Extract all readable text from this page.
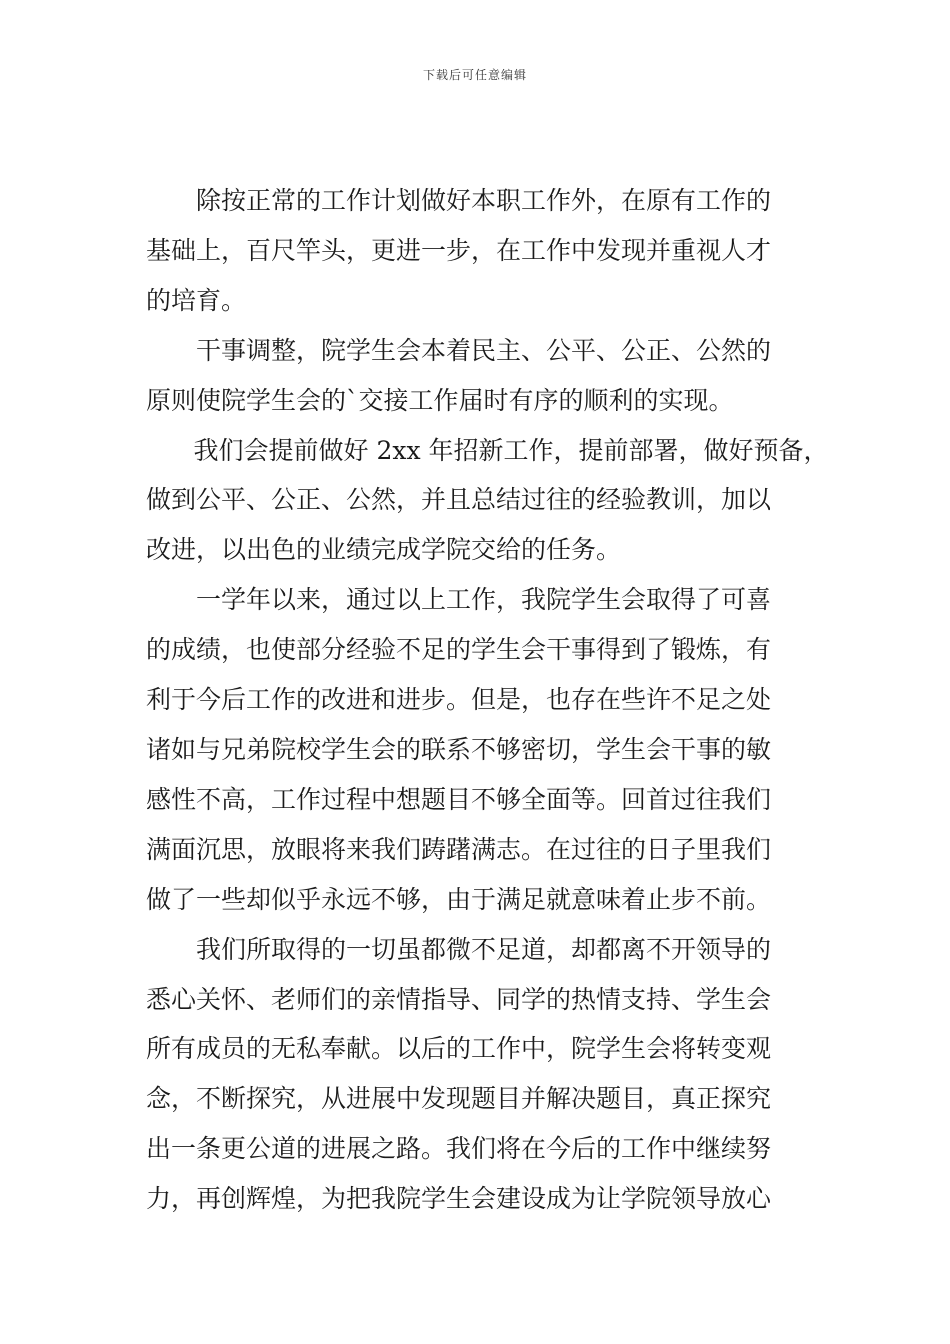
下载后可任意编辑
除按正常的工作计划做好本职工作外，在原有工作的
基础上，百尺竿头，更进一步，在工作中发现并重视人才
的培育。
干事调整，院学生会本着民主、公平、公正、公然的
原则使院学生会的`交接工作届时有序的顺利的实现。
我们会提前做好 2xx 年招新工作，提前部署，做好预备，
做到公平、公正、公然，并且总结过往的经验教训，加以
改进，以出色的业绩完成学院交给的任务。
一学年以来，通过以上工作，我院学生会取得了可喜
的成绩，也使部分经验不足的学生会干事得到了锻炼，有
利于今后工作的改进和进步。但是，也存在些许不足之处
诸如与兄弟院校学生会的联系不够密切，学生会干事的敏
感性不高，工作过程中想题目不够全面等。回首过往我们
满面沉思，放眼将来我们踌躇满志。在过往的日子里我们
做了一些却似乎永远不够，由于满足就意味着止步不前。
我们所取得的一切虽都微不足道，却都离不开领导的
悉心关怀、老师们的亲情指导、同学的热情支持、学生会
所有成员的无私奉献。以后的工作中，院学生会将转变观
念，不断探究，从进展中发现题目并解决题目，真正探究
出一条更公道的进展之路。我们将在今后的工作中继续努
力，再创辉煌，为把我院学生会建设成为让学院领导放心
